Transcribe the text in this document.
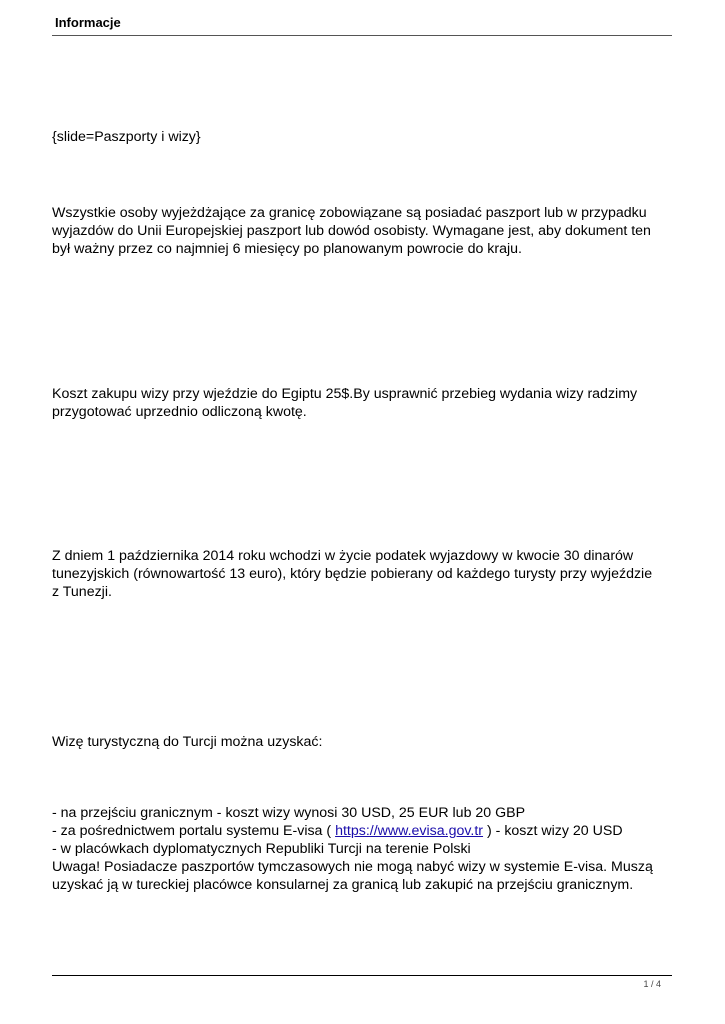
Informacje

{slide=Paszporty i wizy}

Wszystkie osoby wyjeżdżające za granicę zobowiązane są posiadać paszport lub w przypadku
wyjazdów do Unii Europejskiej paszport lub dowód osobisty. Wymagane jest, aby dokument ten
był ważny przez co najmniej 6 miesięcy po planowanym powrocie do kraju.

Koszt zakupu wizy przy wjeździe do Egiptu 25$.By usprawnić przebieg wydania wizy radzimy
przygotować uprzednio odliczoną kwotę.

Z dniem 1 października 2014 roku wchodzi w życie podatek wyjazdowy w kwocie 30 dinarów
tunezyjskich (równowartość 13 euro), który będzie pobierany od każdego turysty przy wyjeździe
z Tunezji.

Wizę turystyczną do Turcji można uzyskać:

- na przejściu granicznym - koszt wizy wynosi 30 USD, 25 EUR lub 20 GBP
- za pośrednictwem portalu systemu E-visa ( https://www.evisa.gov.tr ) - koszt wizy 20 USD
- w placówkach dyplomatycznych Republiki Turcji na terenie Polski
Uwaga! Posiadacze paszportów tymczasowych nie mogą nabyć wizy w systemie E-visa. Muszą
uzyskać ją w tureckiej placówce konsularnej za granicą lub zakupić na przejściu granicznym.

1 / 4
